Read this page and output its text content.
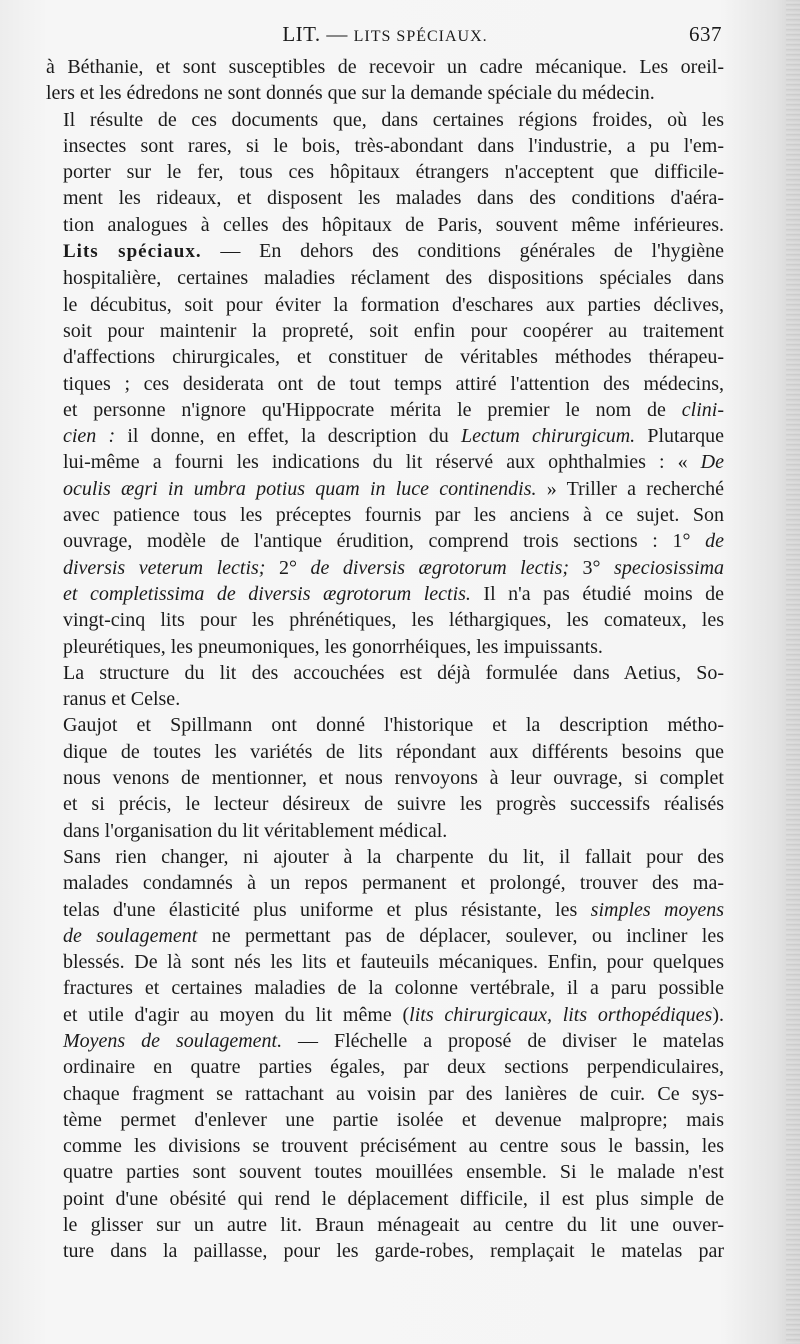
LIT. — LITS SPÉCIAUX.	637

à Béthanie, et sont susceptibles de recevoir un cadre mécanique. Les oreil-
lers et les édredons ne sont donnés que sur la demande spéciale du médecin.

Il résulte de ces documents que, dans certaines régions froides, où les
insectes sont rares, si le bois, très-abondant dans l'industrie, a pu l'em-
porter sur le fer, tous ces hôpitaux étrangers n'acceptent que difficile-
ment les rideaux, et disposent les malades dans des conditions d'aéra-
tion analogues à celles des hôpitaux de Paris, souvent même inférieures.

Lits spéciaux. — En dehors des conditions générales de l'hygiène
hospitalière, certaines maladies réclament des dispositions spéciales dans
le décubitus, soit pour éviter la formation d'eschares aux parties déclives,
soit pour maintenir la propreté, soit enfin pour coopérer au traitement
d'affections chirurgicales, et constituer de véritables méthodes thérapeu-
tiques ; ces desiderata ont de tout temps attiré l'attention des médecins,
et personne n'ignore qu'Hippocrate mérita le premier le nom de clini-
cien : il donne, en effet, la description du Lectum chirurgicum. Plutarque
lui-même a fourni les indications du lit réservé aux ophthalmies : « De
oculis ægri in umbra potius quam in luce continendis. » Triller a recherché
avec patience tous les préceptes fournis par les anciens à ce sujet. Son
ouvrage, modèle de l'antique érudition, comprend trois sections : 1° de
diversis veterum lectis; 2° de diversis ægrotorum lectis; 3° speciosissima
et completissima de diversis ægrotorum lectis. Il n'a pas étudié moins de
vingt-cinq lits pour les phrénétiques, les léthargiques, les comateux, les
pleurétiques, les pneumoniques, les gonorrhéiques, les impuissants.

La structure du lit des accouchées est déjà formulée dans Aetius, So-
ranus et Celse.

Gaujot et Spillmann ont donné l'historique et la description métho-
dique de toutes les variétés de lits répondant aux différents besoins que
nous venons de mentionner, et nous renvoyons à leur ouvrage, si complet
et si précis, le lecteur désireux de suivre les progrès successifs réalisés
dans l'organisation du lit véritablement médical.

Sans rien changer, ni ajouter à la charpente du lit, il fallait pour des
malades condamnés à un repos permanent et prolongé, trouver des ma-
telas d'une élasticité plus uniforme et plus résistante, les simples moyens
de soulagement ne permettant pas de déplacer, soulever, ou incliner les
blessés. De là sont nés les lits et fauteuils mécaniques. Enfin, pour quelques
fractures et certaines maladies de la colonne vertébrale, il a paru possible
et utile d'agir au moyen du lit même (lits chirurgicaux, lits orthopédiques).

Moyens de soulagement. — Fléchelle a proposé de diviser le matelas
ordinaire en quatre parties égales, par deux sections perpendiculaires,
chaque fragment se rattachant au voisin par des lanières de cuir. Ce sys-
tème permet d'enlever une partie isolée et devenue malpropre; mais
comme les divisions se trouvent précisément au centre sous le bassin, les
quatre parties sont souvent toutes mouillées ensemble. Si le malade n'est
point d'une obésité qui rend le déplacement difficile, il est plus simple de
le glisser sur un autre lit. Braun ménageait au centre du lit une ouver-
ture dans la paillasse, pour les garde-robes, remplaçait le matelas par
